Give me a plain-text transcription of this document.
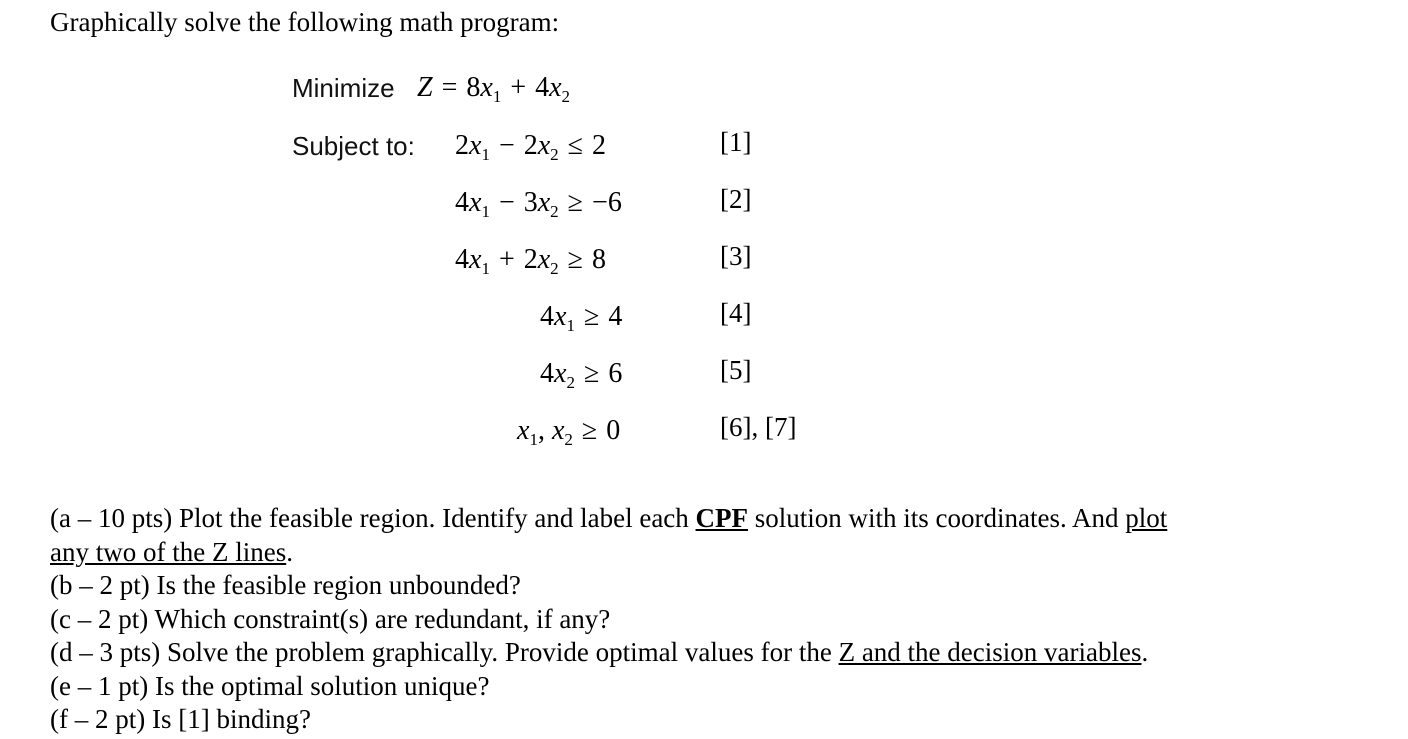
Graphically solve the following math program:
Minimize $Z = 8x_1 + 4x_2$
Subject to: $2x_1 - 2x_2 \le 2$	[1]
$4x_1 - 3x_2 \ge -6$	[2]
$4x_1 + 2x_2 \ge 8$	[3]
$4x_1 \ge 4$	[4]
$4x_2 \ge 6$	[5]
$x_1$, $x_2 \ge 0$	[6], [7]
(a – 10 pts) Plot the feasible region. Identify and label each CPF solution with its coordinates. And plot
any two of the Z lines.
(b – 2 pt) Is the feasible region unbounded?
(c – 2 pt) Which constraint(s) are redundant, if any?
(d – 3 pts) Solve the problem graphically. Provide optimal values for the Z and the decision variables.
(e – 1 pt) Is the optimal solution unique?
(f – 2 pt) Is [1] binding?
